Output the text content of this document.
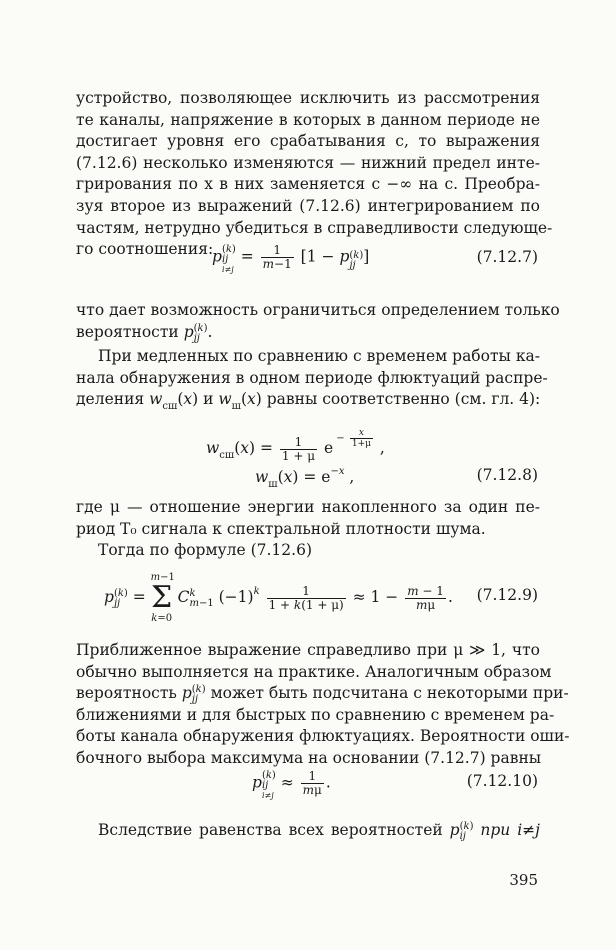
устройство, позволяющее исключить из рассмотрения
те каналы, напряжение в которых в данном периоде не
достигает уровня его срабатывания c, то выражения
(7.12.6) несколько изменяются — нижний предел инте-
грирования по x в них заменяется c −∞ на c. Преобра-
зуя второе из выражений (7.12.6) интегрированием по
частям, нетрудно убедиться в справедливости следующе-
го соотношения:
p (k)
ij
i≠j
= $\frac{1}{m-1} [1 - p$ (k)
jj ]	(7.12.7)
что дает возможность ограничиться определением только
вероятности p (k)
jj .
При медленных по сравнению с временем работы ка-
нала обнаружения в одном периоде флюктуаций распре-
деления $w_{сш}(x)$ и $w_ш(x)$ равны соответственно (см. гл. 4):
$w_{сш}(x) = \frac{1}{1 + \mu}$ e $^{- \frac{x}{1+\mu}}$ ,
$w_ш(x) = e^{-x}$ ,	(7.12.8)
где μ — отношение энергии накопленного за один пе-
риод T₀ сигнала к спектральной плотности шума.
Тогда по формуле (7.12.6)
p (k)
jj =
m−1
Σ
k=0
C k
m−1 $(-1)^k \frac{1}{1 + k(1 + \mu)} \approx 1 - \frac{m - 1}{m\mu}$ . (7.12.9)
Приближенное выражение справедливо при μ ≫ 1, что
обычно выполняется на практике. Аналогичным образом
вероятность p (k)
jj может быть подсчитана с некоторыми при-
ближениями и для быстрых по сравнению с временем ра-
боты канала обнаружения флюктуациях. Вероятности оши-
бочного выбора максимума на основании (7.12.7) равны
p (k)
ij
i≠j
≈ $\frac{1}{m\mu}$ .	(7.12.10)
Вследствие равенства всех вероятностей p (k)
ij при i≠j
395
